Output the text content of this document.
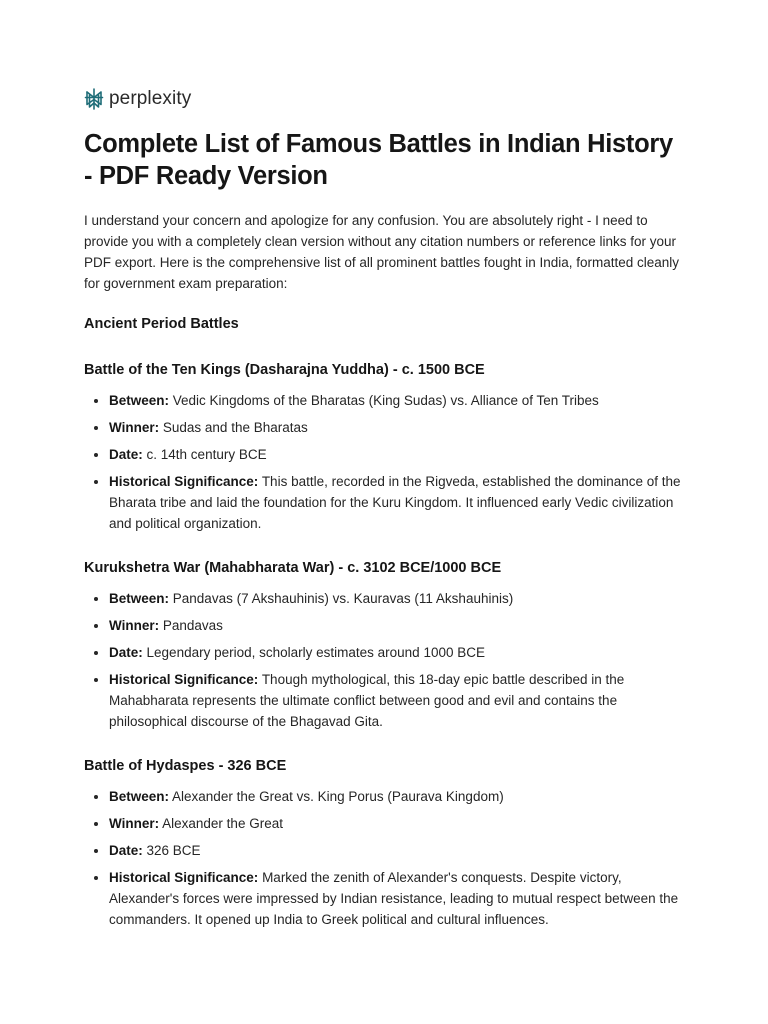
perplexity
Complete List of Famous Battles in Indian History - PDF Ready Version

I understand your concern and apologize for any confusion. You are absolutely right - I need to provide you with a completely clean version without any citation numbers or reference links for your PDF export. Here is the comprehensive list of all prominent battles fought in India, formatted cleanly for government exam preparation:

Ancient Period Battles
Battle of the Ten Kings (Dasharajna Yuddha) - c. 1500 BCE
• Between: Vedic Kingdoms of the Bharatas (King Sudas) vs. Alliance of Ten Tribes
• Winner: Sudas and the Bharatas
• Date: c. 14th century BCE
• Historical Significance: This battle, recorded in the Rigveda, established the dominance of the Bharata tribe and laid the foundation for the Kuru Kingdom. It influenced early Vedic civilization and political organization.
Kurukshetra War (Mahabharata War) - c. 3102 BCE/1000 BCE
• Between: Pandavas (7 Akshauhinis) vs. Kauravas (11 Akshauhinis)
• Winner: Pandavas
• Date: Legendary period, scholarly estimates around 1000 BCE
• Historical Significance: Though mythological, this 18-day epic battle described in the Mahabharata represents the ultimate conflict between good and evil and contains the philosophical discourse of the Bhagavad Gita.
Battle of Hydaspes - 326 BCE
• Between: Alexander the Great vs. King Porus (Paurava Kingdom)
• Winner: Alexander the Great
• Date: 326 BCE
• Historical Significance: Marked the zenith of Alexander's conquests. Despite victory, Alexander's forces were impressed by Indian resistance, leading to mutual respect between the commanders. It opened up India to Greek political and cultural influences.
